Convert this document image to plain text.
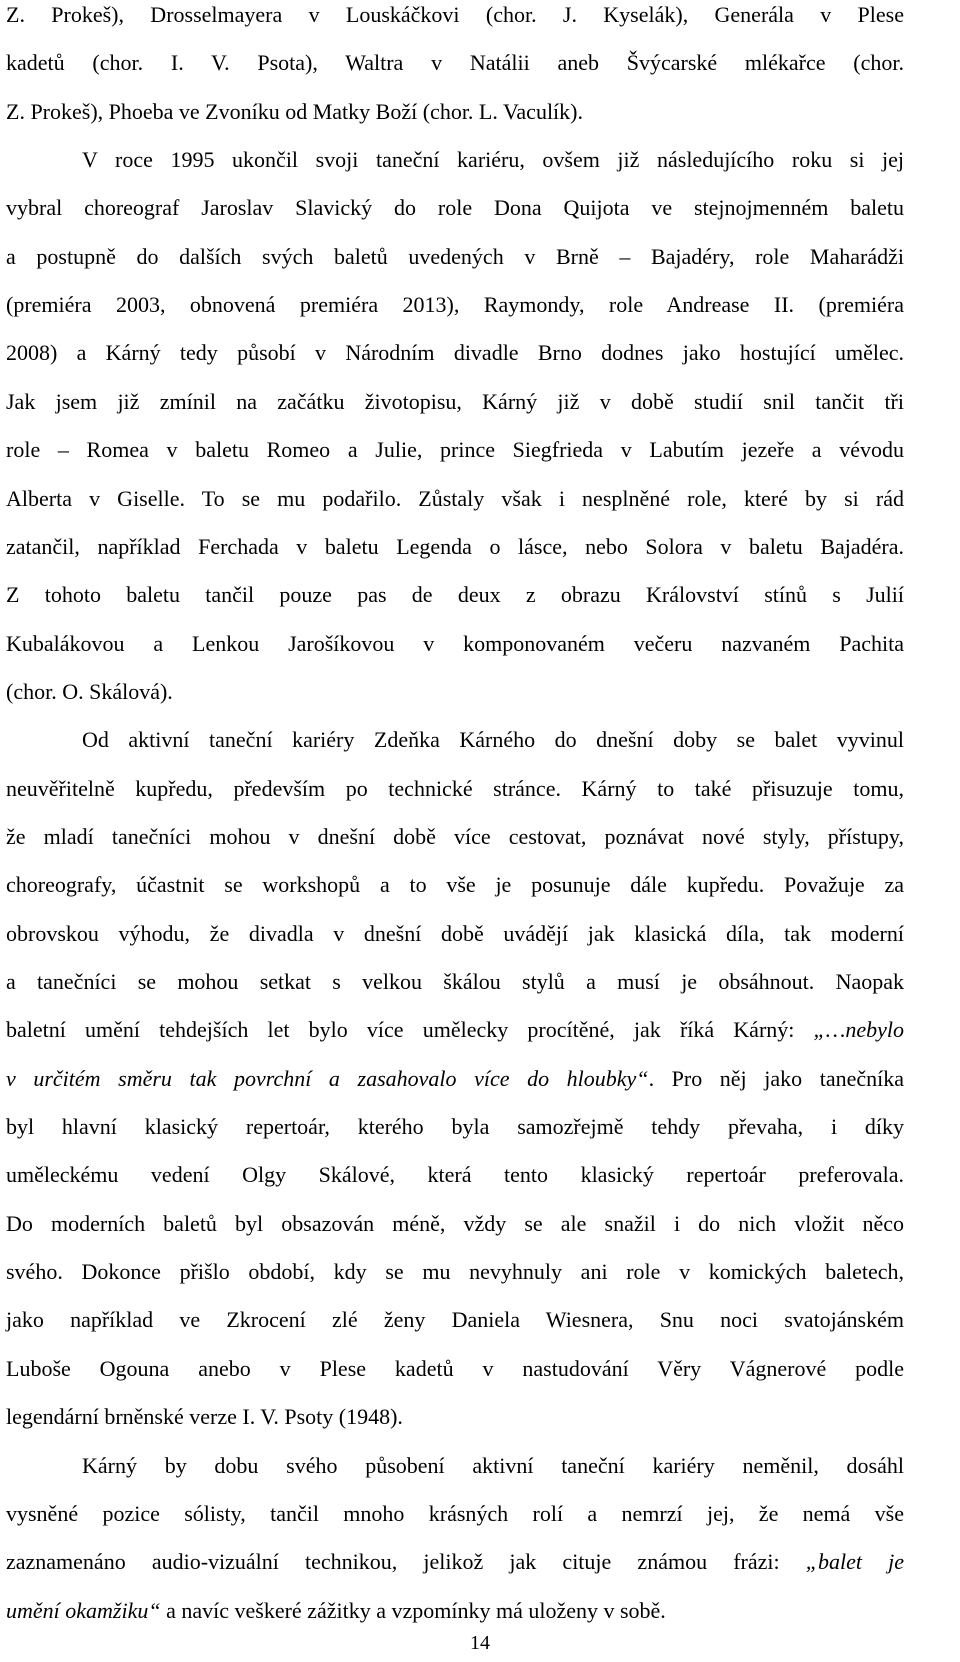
Z. Prokeš), Drosselmayera v Louskáčkovi (chor. J. Kyselák), Generála v Plese
kadetů (chor. I. V. Psota), Waltra v Natálii aneb Švýcarské mlékařce (chor.
Z. Prokeš), Phoeba ve Zvoníku od Matky Boží (chor. L. Vaculík).
V roce 1995 ukončil svoji taneční kariéru, ovšem již následujícího roku si jej
vybral choreograf Jaroslav Slavický do role Dona Quijota ve stejnojmenném baletu
a postupně do dalších svých baletů uvedených v Brně – Bajadéry, role Maharádži
(premiéra 2003, obnovená premiéra 2013), Raymondy, role Andrease II. (premiéra
2008) a Kárný tedy působí v Národním divadle Brno dodnes jako hostující umělec.
Jak jsem již zmínil na začátku životopisu, Kárný již v době studií snil tančit tři
role – Romea v baletu Romeo a Julie, prince Siegfrieda v Labutím jezeře a vévodu
Alberta v Giselle. To se mu podařilo. Zůstaly však i nesplněné role, které by si rád
zatančil, například Ferchada v baletu Legenda o lásce, nebo Solora v baletu Bajadéra.
Z tohoto baletu tančil pouze pas de deux z obrazu Království stínů s Julií
Kubalákovou a Lenkou Jarošíkovou v komponovaném večeru nazvaném Pachita
(chor. O. Skálová).
Od aktivní taneční kariéry Zdeňka Kárného do dnešní doby se balet vyvinul
neuvěřitelně kupředu, především po technické stránce. Kárný to také přisuzuje tomu,
že mladí tanečníci mohou v dnešní době více cestovat, poznávat nové styly, přístupy,
choreografy, účastnit se workshopů a to vše je posunuje dále kupředu. Považuje za
obrovskou výhodu, že divadla v dnešní době uvádějí jak klasická díla, tak moderní
a tanečníci se mohou setkat s velkou škálou stylů a musí je obsáhnout. Naopak
baletní umění tehdejších let bylo více umělecky procítěné, jak říká Kárný: „…nebylo
v určitém směru tak povrchní a zasahovalo více do hloubky“. Pro něj jako tanečníka
byl hlavní klasický repertoár, kterého byla samozřejmě tehdy převaha, i díky
uměleckému vedení Olgy Skálové, která tento klasický repertoár preferovala.
Do moderních baletů byl obsazován méně, vždy se ale snažil i do nich vložit něco
svého. Dokonce přišlo období, kdy se mu nevyhnuly ani role v komických baletech,
jako například ve Zkrocení zlé ženy Daniela Wiesnera, Snu noci svatojánském
Luboše Ogouna anebo v Plese kadetů v nastudování Věry Vágnerové podle
legendární brněnské verze I. V. Psoty (1948).
Kárný by dobu svého působení aktivní taneční kariéry neměnil, dosáhl
vysněné pozice sólisty, tančil mnoho krásných rolí a nemrzí jej, že nemá vše
zaznamenáno audio-vizuální technikou, jelikož jak cituje známou frázi: „balet je
umění okamžiku“ a navíc veškeré zážitky a vzpomínky má uloženy v sobě.
14
